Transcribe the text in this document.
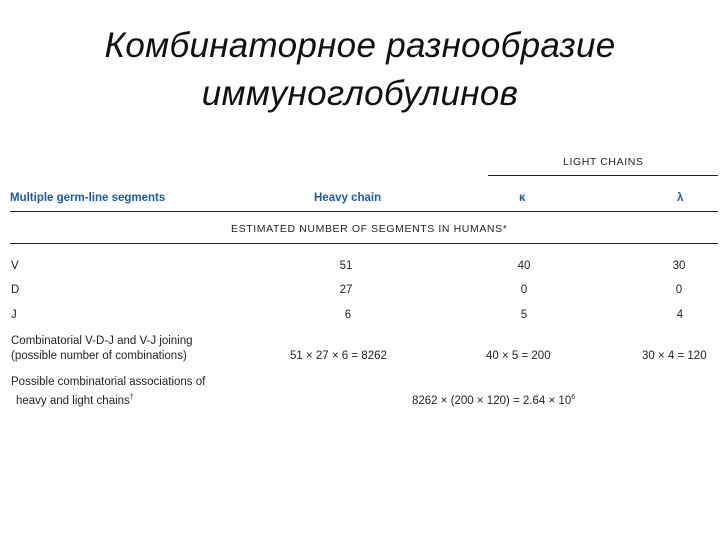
Комбинаторное разнообразие
иммуноглобулинов
LIGHT CHAINS
Multiple germ-line segments	Heavy chain	κ	λ
ESTIMATED NUMBER OF SEGMENTS IN HUMANS*
V	51	40	30
D	27	0	0
J	6	5	4
Combinatorial V-D-J and V-J joining
(possible number of combinations)	51 × 27 × 6 = 8262	40 × 5 = 200	30 × 4 = 120
Possible combinatorial associations of
heavy and light chains†	$8262 \times (200 \times 120) = 2.64 \times 10^6$
